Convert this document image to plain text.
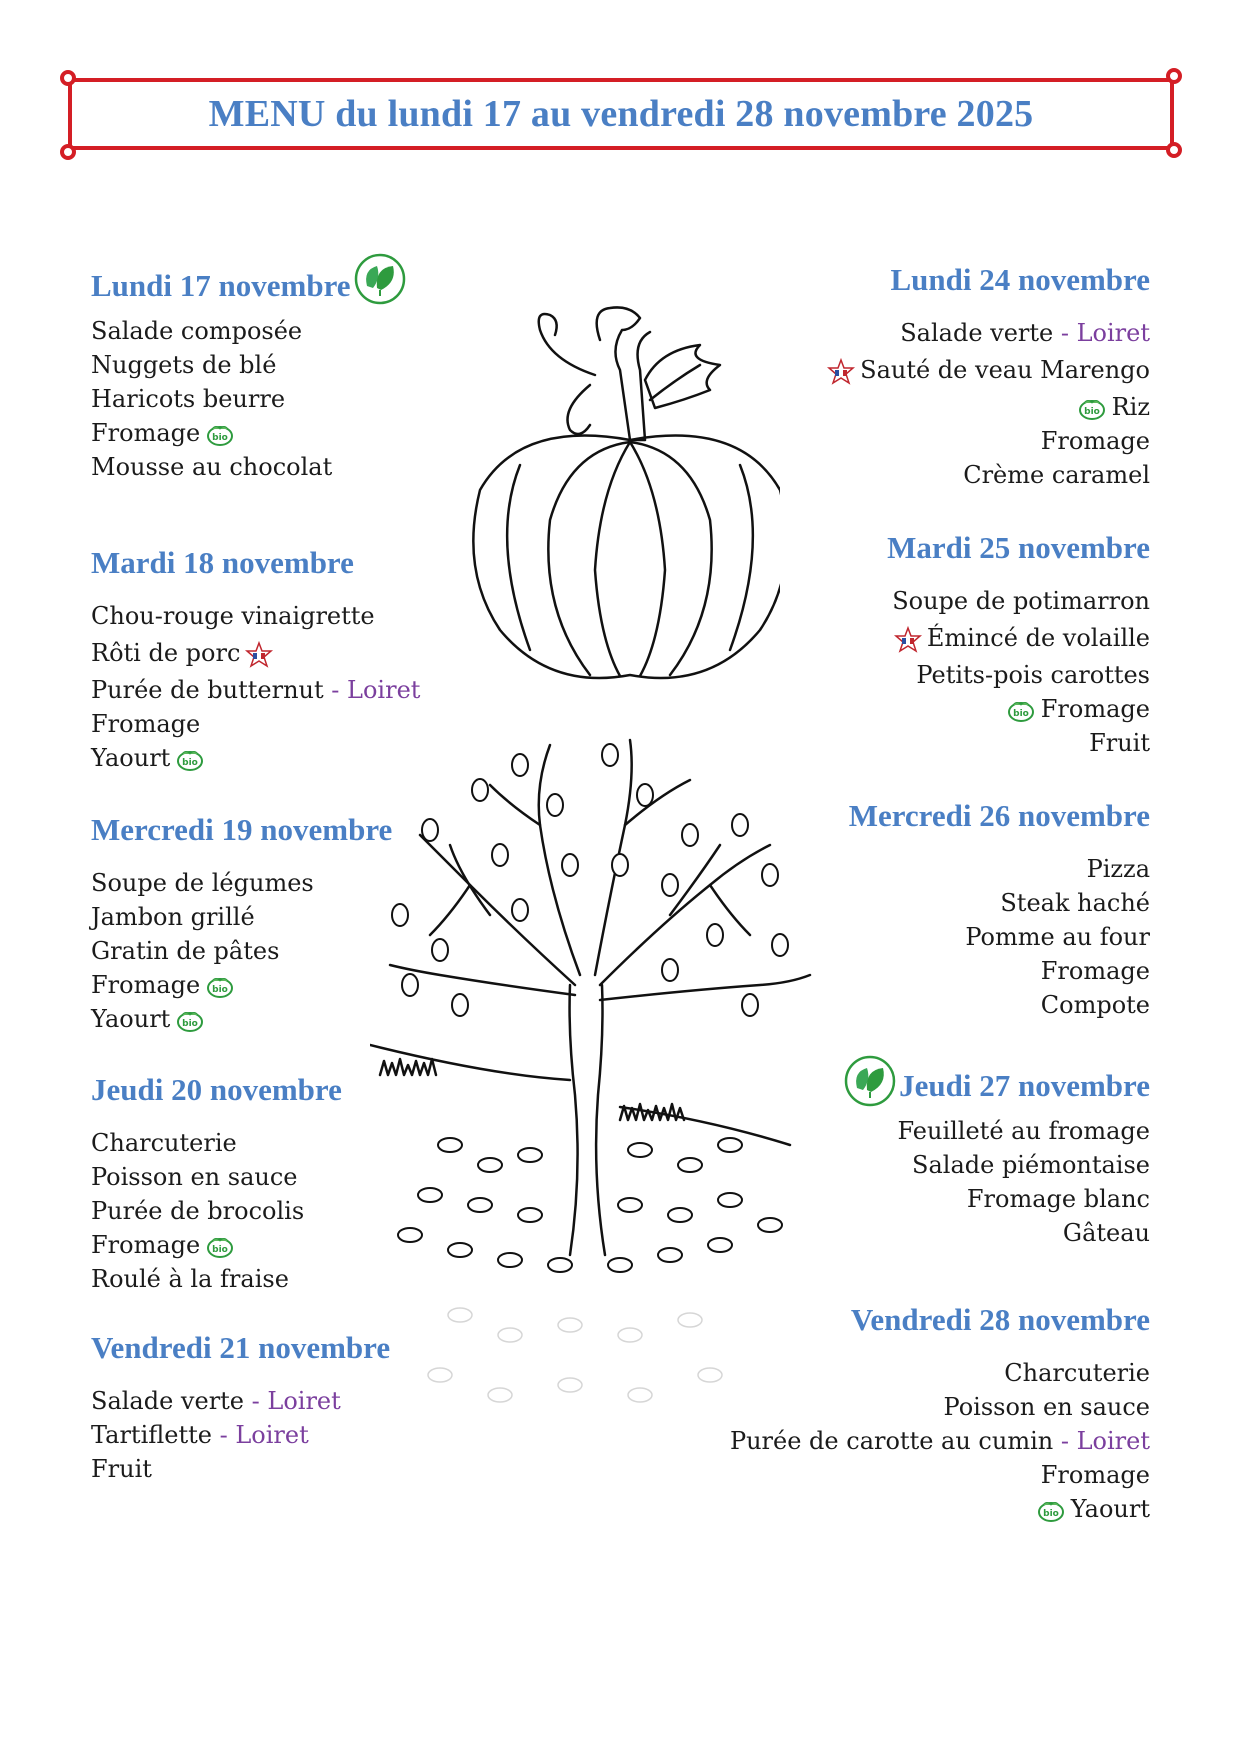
MENU du lundi 17 au vendredi 28 novembre 2025
Lundi 17 novembre
Salade composée
Nuggets de blé
Haricots beurre
Fromage
Mousse au chocolat
Mardi 18 novembre
Chou-rouge vinaigrette
Rôti de porc
Purée de butternut - Loiret
Fromage
Yaourt
Mercredi 19 novembre
Soupe de légumes
Jambon grillé
Gratin de pâtes
Fromage
Yaourt
Jeudi 20 novembre
Charcuterie
Poisson en sauce
Purée de brocolis
Fromage
Roulé à la fraise
Vendredi 21 novembre
Salade verte - Loiret
Tartiflette - Loiret
Fruit
Lundi 24 novembre
Salade verte - Loiret
Sauté de veau Marengo
Riz
Fromage
Crème caramel
Mardi 25 novembre
Soupe de potimarron
Émincé de volaille
Petits-pois carottes
Fromage
Fruit
Mercredi 26 novembre
Pizza
Steak haché
Pomme au four
Fromage
Compote
Jeudi 27 novembre
Feuilleté au fromage
Salade piémontaise
Fromage blanc
Gâteau
Vendredi 28 novembre
Charcuterie
Poisson en sauce
Purée de carotte au cumin - Loiret
Fromage
Yaourt
